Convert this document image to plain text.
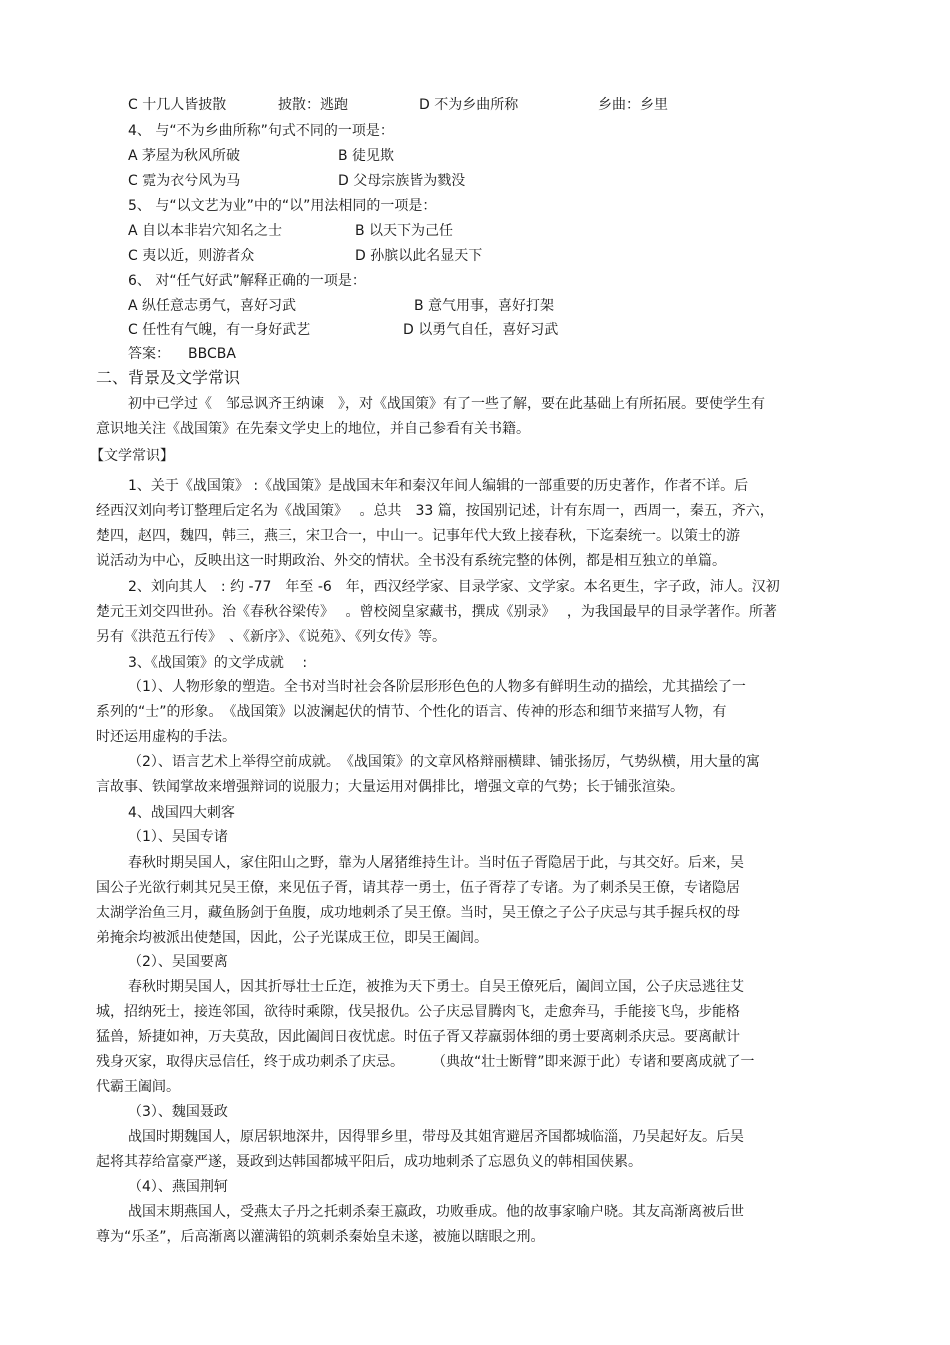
C 十几人皆披散	披散：逃跑	D 不为乡曲所称	乡曲：乡里
4、 与“不为乡曲所称”句式不同的一项是：
A 茅屋为秋风所破	B 徒见欺
C 霓为衣兮风为马	D 父母宗族皆为戮没
5、 与“以文艺为业”中的“以”用法相同的一项是：
A 自以本非岩穴知名之士	B 以天下为己任
C 夷以近，则游者众	D 孙膑以此名显天下
6、 对“任气好武”解释正确的一项是：
A 纵任意志勇气，喜好习武	B 意气用事，喜好打架
C 任性有气魄，有一身好武艺	D 以勇气自任，喜好习武
答案： BBCBA
二、背景及文学常识
初中已学过《　邹忌讽齐王纳谏　》，对《战国策》有了一些了解，要在此基础上有所拓展。要使学生有
意识地关注《战国策》在先秦文学史上的地位，并自己参看有关书籍。
【文学常识】
1、关于《战国策》 :《战国策》是战国末年和秦汉年间人编辑的一部重要的历史著作，作者不详。后
经西汉刘向考订整理后定名为《战国策》　 。总共　33 篇，按国别记述，计有东周一，西周一，秦五，齐六，
楚四，赵四，魏四，韩三，燕三，宋卫合一，中山一。记事年代大致上接春秋，下迄秦统一。以策士的游
说活动为中心，反映出这一时期政治、外交的情状。全书没有系统完整的体例，都是相互独立的单篇。
2、刘向其人　: 约 -77　年至 -6　年，西汉经学家、目录学家、文学家。本名更生，字子政，沛人。汉初
楚元王刘交四世孙。治《春秋谷梁传》　 。曾校阅皇家藏书，撰成《别录》　 ，为我国最早的目录学著作。所著
另有《洪范五行传》　、《新序》、《说苑》、《列女传》等。
3、《战国策》的文学成就　 :
（1）、人物形象的塑造。全书对当时社会各阶层形形色色的人物多有鲜明生动的描绘，尤其描绘了一
系列的“士”的形象。　《战国策》以波澜起伏的情节、个性化的语言、传神的形态和细节来描写人物，有
时还运用虚构的手法。
（2）、语言艺术上举得空前成就。　《战国策》的文章风格辩丽横肆、铺张扬厉，气势纵横，用大量的寓
言故事、铁闻掌故来增强辩词的说服力；大量运用对偶排比，增强文章的气势；长于铺张渲染。
4、战国四大刺客
（1）、吴国专诸
春秋时期吴国人，家住阳山之野，靠为人屠猪维持生计。当时伍子胥隐居于此，与其交好。后来，吴
国公子光欲行刺其兄吴王僚，来见伍子胥，请其荐一勇士，伍子胥荐了专诸。为了刺杀吴王僚，专诸隐居
太湖学治鱼三月，藏鱼肠剑于鱼腹，成功地刺杀了吴王僚。当时，吴王僚之子公子庆忌与其手握兵权的母
弟掩余均被派出使楚国，因此，公子光谋成王位，即吴王阖闾。
（2）、吴国要离
春秋时期吴国人，因其折辱壮士丘迮，被推为天下勇士。自吴王僚死后，阖闾立国，公子庆忌逃往艾
城，招纳死士，接连邻国，欲待时乘隙，伐吴报仇。公子庆忌冒腾肉飞，走愈奔马，手能接飞鸟，步能格
猛兽，矫捷如神，万夫莫敌，因此阖闾日夜忧虑。时伍子胥又荐羸弱体细的勇士要离刺杀庆忌。要离献计
残身灭家，取得庆忌信任，终于成功刺杀了庆忌。　　　（典故“壮士断臂”即来源于此）专诸和要离成就了一
代霸王阖闾。
（3）、魏国聂政
战国时期魏国人，原居轵地深井，因得罪乡里，带母及其姐宵避居齐国都城临淄，乃吴起好友。后吴
起将其荐给富豪严遂，聂政到达韩国都城平阳后，成功地刺杀了忘恩负义的韩相国侠累。
（4）、燕国荆轲
战国末期燕国人，受燕太子丹之托刺杀秦王嬴政，功败垂成。他的故事家喻户晓。其友高渐离被后世
尊为“乐圣”，后高渐离以灌满铅的筑刺杀秦始皇未遂，被施以瞎眼之刑。
